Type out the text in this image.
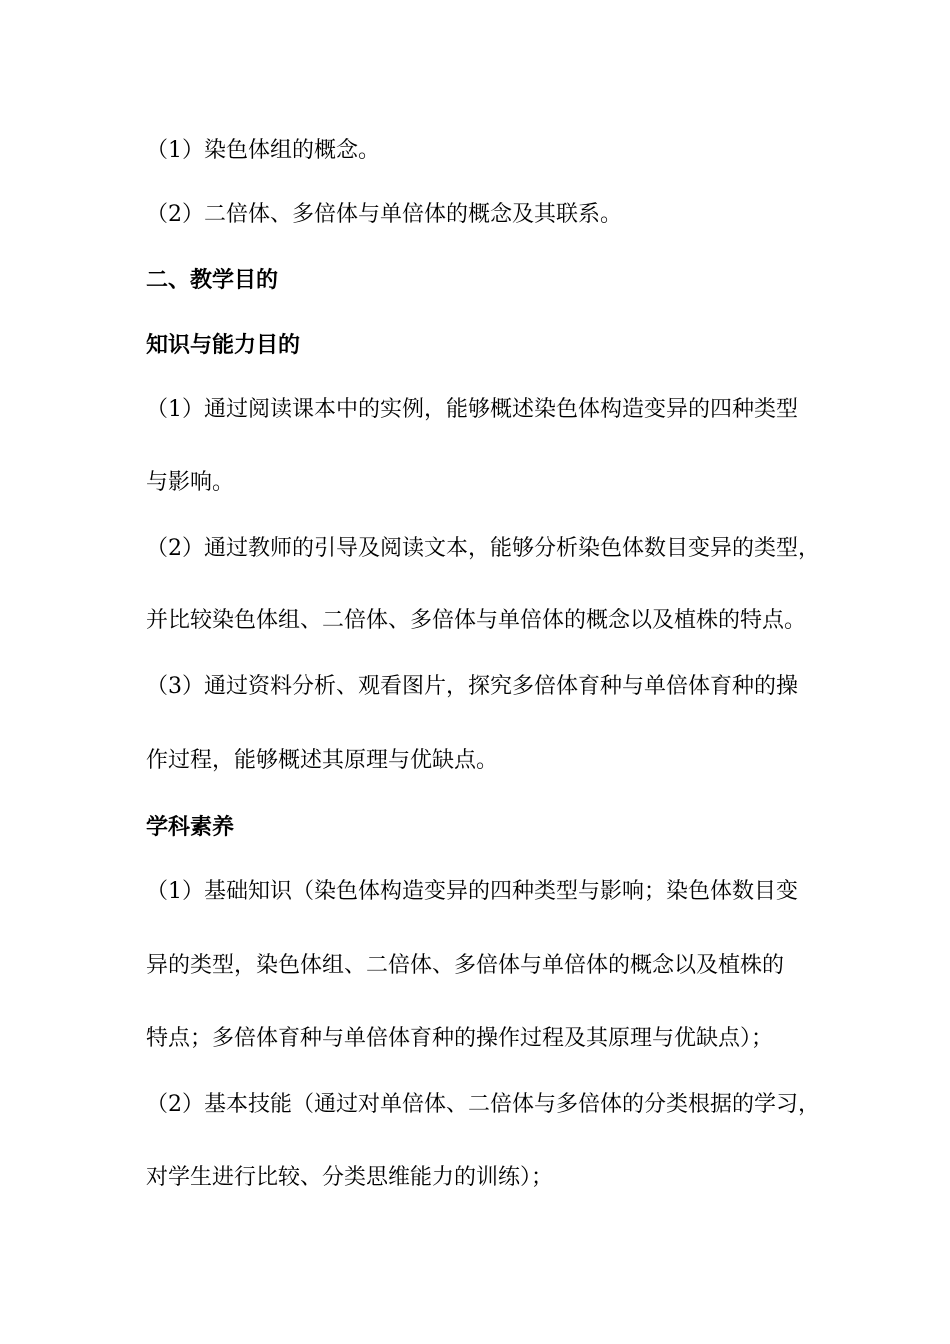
（1）染色体组的概念。
（2）二倍体、多倍体与单倍体的概念及其联系。
二、教学目的
知识与能力目的
（1）通过阅读课本中的实例，能够概述染色体构造变异的四种类型
与影响。
（2）通过教师的引导及阅读文本，能够分析染色体数目变异的类型，
并比较染色体组、二倍体、多倍体与单倍体的概念以及植株的特点。
（3）通过资料分析、观看图片，探究多倍体育种与单倍体育种的操
作过程，能够概述其原理与优缺点。
学科素养
（1）基础知识（染色体构造变异的四种类型与影响；染色体数目变
异的类型，染色体组、二倍体、多倍体与单倍体的概念以及植株的
特点；多倍体育种与单倍体育种的操作过程及其原理与优缺点）；
（2）基本技能（通过对单倍体、二倍体与多倍体的分类根据的学习，
对学生进行比较、分类思维能力的训练）；
